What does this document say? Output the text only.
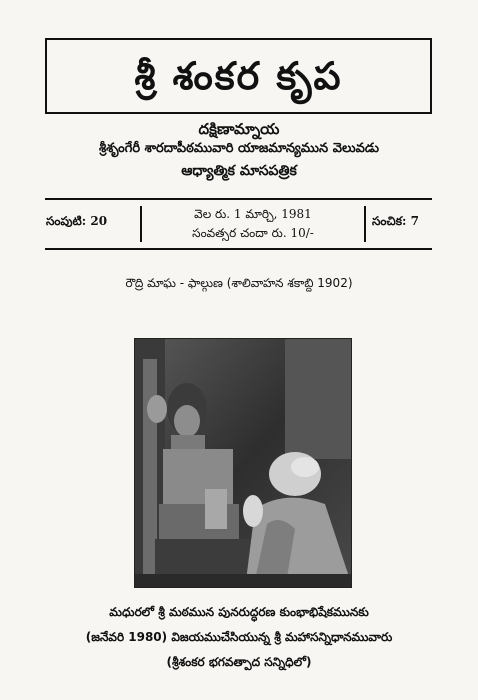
శ్రీ శంకర కృప
దక్షిణామ్నాయ
శ్రీశృంగేరీ శారదాపీఠమువారి యాజమాన్యమున వెలువడు
ఆధ్యాత్మిక మాసపత్రిక
సంపుటి: 20	వెల రు. 1 మార్చి, 1981
సంవత్సర చందా రు. 10/-
సంచిక: 7
రౌద్రి మాఘ - ఫాల్గుణ (శాలివాహన శకాబ్ది 1902)
మధురలో శ్రీ మఠమున పునరుద్ధరణ కుంభాభిషేకమునకు
(జనేవరి 1980) విజయముచేసియున్న శ్రీ మహాసన్నిధానమువారు
(శ్రీశంకర భగవత్పాద సన్నిధిలో)
